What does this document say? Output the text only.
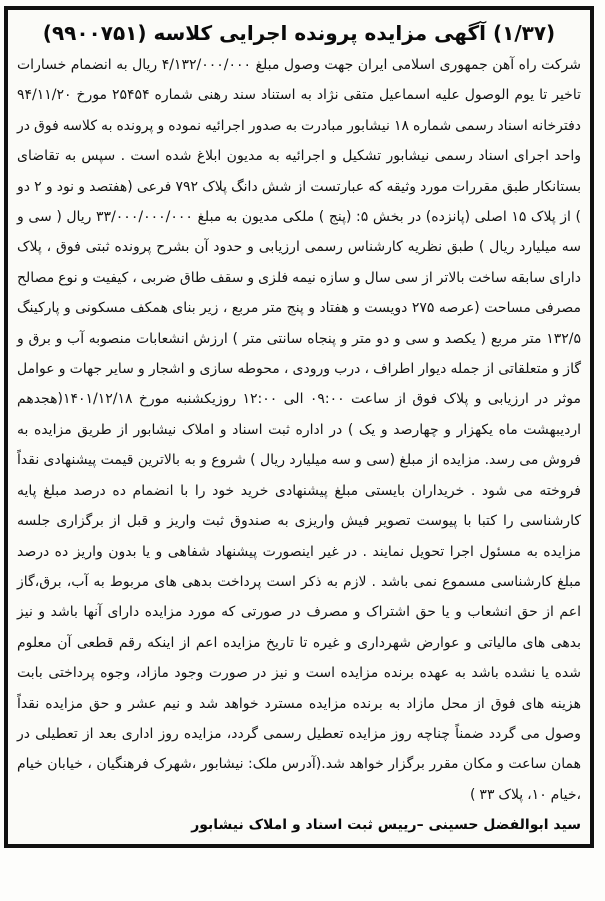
(۱/۳۷) آگهی مزایده پرونده اجرایی کلاسه (۹۹۰۰۷۵۱)

شرکت راه آهن جمهوری اسلامی ایران جهت وصول مبلغ ۴/۱۳۲/۰۰۰/۰۰۰ ریال به انضمام خسارات تاخیر تا یوم الوصول علیه اسماعیل متقی نژاد به استناد سند رهنی شماره ۲۵۴۵۴ مورخ ۹۴/۱۱/۲۰ دفترخانه اسناد رسمی شماره ۱۸ نیشابور مبادرت به صدور اجرائیه نموده و پرونده به کلاسه فوق در واحد اجرای اسناد رسمی نیشابور تشکیل و اجرائیه به مدیون ابلاغ شده است . سپس به تقاضای بستانکار طبق مقررات مورد وثیقه که عبارتست از شش دانگ پلاک ۷۹۲ فرعی (هفتصد و نود و ۲ دو ) از پلاک ۱۵ اصلی (پانزده) در بخش ۵: (پنج ) ملکی مدیون به مبلغ ۳۳/۰۰۰/۰۰۰/۰۰۰ ریال ( سی و سه میلیارد ریال ) طبق نظریه کارشناس رسمی ارزیابی و حدود آن بشرح پرونده ثبتی فوق ، پلاک دارای سابقه ساخت بالاتر از سی سال و سازه نیمه فلزی و سقف طاق ضربی ، کیفیت و نوع مصالح مصرفی مساحت (عرصه ۲۷۵ دویست و هفتاد و پنج متر مربع ، زیر بنای همکف مسکونی و پارکینگ ۱۳۲/۵ متر مربع ( یکصد و سی و دو متر و پنجاه سانتی متر ) ارزش انشعابات منصوبه آب و برق و گاز و متعلقاتی از جمله دیوار اطراف ، درب ورودی ، محوطه سازی و اشجار و سایر جهات و عوامل موثر در ارزیابی و پلاک فوق از ساعت ۰۹:۰۰ الی ۱۲:۰۰ روزیکشنبه مورخ ۱۴۰۱/۱۲/۱۸(هجدهم اردیبهشت ماه یکهزار و چهارصد و یک ) در اداره ثبت اسناد و املاک نیشابور از طریق مزایده به فروش می رسد. مزایده از مبلغ (سی و سه میلیارد ریال ) شروع و به بالاترین قیمت پیشنهادی نقداً فروخته می شود . خریداران بایستی مبلغ پیشنهادی خرید خود را با انضمام ده درصد مبلغ پایه کارشناسی را کتبا با پیوست تصویر فیش واریزی به صندوق ثبت واریز و قبل از برگزاری جلسه مزایده به مسئول اجرا تحویل نمایند . در غیر اینصورت پیشنهاد شفاهی و یا بدون واریز ده درصد مبلغ کارشناسی مسموع نمی باشد . لازم به ذکر است پرداخت بدهی های مربوط به آب، برق،گاز اعم از حق انشعاب و یا حق اشتراک و مصرف در صورتی که مورد مزایده دارای آنها باشد و نیز بدهی های مالیاتی و عوارض شهرداری و غیره تا تاریخ مزایده اعم از اینکه رقم قطعی آن معلوم شده یا نشده باشد به عهده برنده مزایده است و نیز در صورت وجود مازاد، وجوه پرداختی بابت هزینه های فوق از محل مازاد به برنده مزایده مسترد خواهد شد و نیم عشر و حق مزایده نقداً وصول می گردد ضمناً چناچه روز مزایده تعطیل رسمی گردد، مزایده روز اداری بعد از تعطیلی در همان ساعت و مکان مقرر برگزار خواهد شد.(آدرس ملک: نیشابور ،شهرک فرهنگیان ، خیابان خیام ،خیام ۱۰، پلاک ۳۳ )

سید ابوالفضل حسینی –رییس ثبت اسناد و املاک نیشابور
